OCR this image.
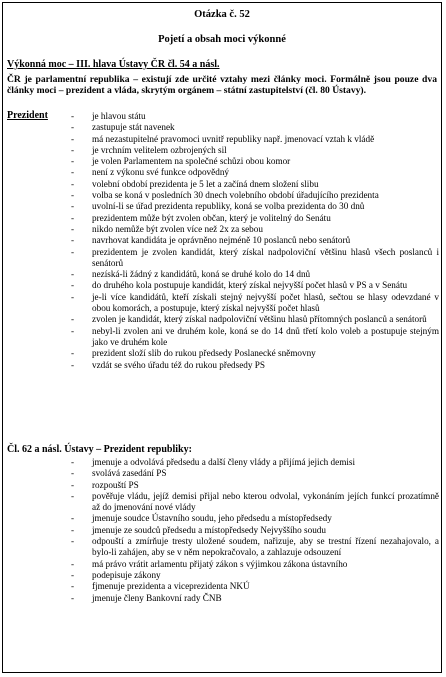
Otázka č. 52
Pojetí a obsah moci výkonné
Výkonná moc – III. hlava Ústavy ČR čl. 54 a násl.
ČR je parlamentní republika – existují zde určité vztahy mezi články moci. Formálně jsou pouze dva články moci – prezident a vláda, skrytým orgánem – státní zastupitelství (čl. 80 Ústavy).
Prezident	- je hlavou státu
- zastupuje stát navenek
- má nezastupitelné pravomoci uvnitř republiky např. jmenovací vztah k vládě
- je vrchním velitelem ozbrojených sil
- je volen Parlamentem na společné schůzi obou komor
- není z výkonu své funkce odpovědný
- volební období prezidenta je 5 let a začíná dnem složení slibu
- volba se koná v posledních 30 dnech volebního období úřadujícího prezidenta
- uvolní-li se úřad prezidenta republiky, koná se volba prezidenta do 30 dnů
- prezidentem může být zvolen občan, který je volitelný do Senátu
- nikdo nemůže být zvolen více než 2x za sebou
- navrhovat kandidáta je oprávněno nejméně 10 poslanců nebo senátorů
- prezidentem je zvolen kandidát, který získal nadpoloviční většinu hlasů všech poslanců i senátorů
- nezíská-li žádný z kandidátů, koná se druhé kolo do 14 dnů
- do druhého kola postupuje kandidát, který získal nejvyšší počet hlasů v PS a v Senátu
- je-li více kandidátů, kteří získali stejný nejvyšší počet hlasů, sečtou se hlasy odevzdané v obou komorách, a postupuje, který získal nejvyšší počet hlasů
- zvolen je kandidát, který získal nadpoloviční většinu hlasů přítomných poslanců a senátorů
- nebyl-li zvolen ani ve druhém kole, koná se do 14 dnů třetí kolo voleb a postupuje stejným jako ve druhém kole
- prezident složí slib do rukou předsedy Poslanecké sněmovny
- vzdát se svého úřadu též do rukou předsedy PS
Čl. 62 a násl. Ústavy – Prezident republiky:
- jmenuje a odvolává předsedu a další členy vlády a přijímá jejich demisi
- svolává zasedání PS
- rozpouští PS
- pověřuje vládu, jejíž demisi přijal nebo kterou odvolal, vykonáním jejích funkcí prozatímně až do jmenování nové vlády
- jmenuje soudce Ústavního soudu, jeho předsedu a místopředsedy
- jmenuje ze soudců předsedu a místopředsedy Nejvyššího soudu
- odpouští a zmírňuje tresty uložené soudem, nařizuje, aby se trestní řízení nezahajovalo, a bylo-li zahájen, aby se v něm nepokračovalo, a zahlazuje odsouzení
- má právo vrátit arlamentu přijatý zákon s výjimkou zákona ústavního
- podepisuje zákony
- fjmenuje prezidenta a viceprezidenta NKÚ
- jmenuje členy Bankovní rady ČNB
